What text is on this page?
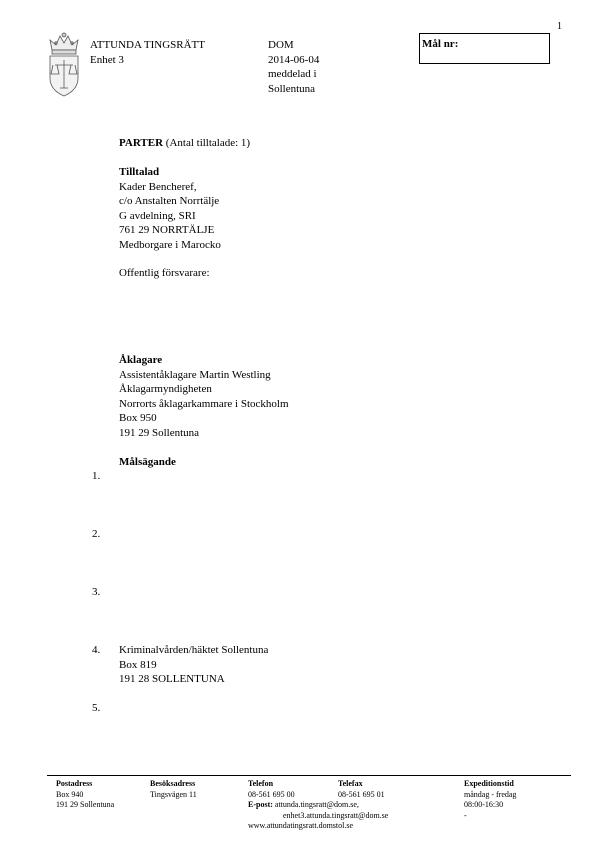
1
ATTUNDA TINGSRÄTT
Enhet 3
DOM
2014-06-04
meddelad i
Sollentuna
Mål nr:
PARTER (Antal tilltalade: 1)
Tilltalad
Kader Bencheref,
c/o Anstalten Norrtälje
G avdelning, SRI
761 29 NORRTÄLJE
Medborgare i Marocko
Offentlig försvarare:
Åklagare
Assistentåklagare Martin Westling
Åklagarmyndigheten
Norrorts åklagarkammare i Stockholm
Box 950
191 29 Sollentuna
Målsägande
1.
2.
3.
4. Kriminalvården/häktet Sollentuna
Box 819
191 28 SOLLENTUNA
5.
Postadress
Box 940
191 29 Sollentuna
Besöksadress
Tingsvägen 11
Telefon
08-561 695 00
Telefax
08-561 695 01
E-post: attunda.tingsratt@dom.se,
enhet3.attunda.tingsratt@dom.se
www.attundatingsratt.domstol.se
Expeditionstid
måndag - fredag
08:00-16:30
-
